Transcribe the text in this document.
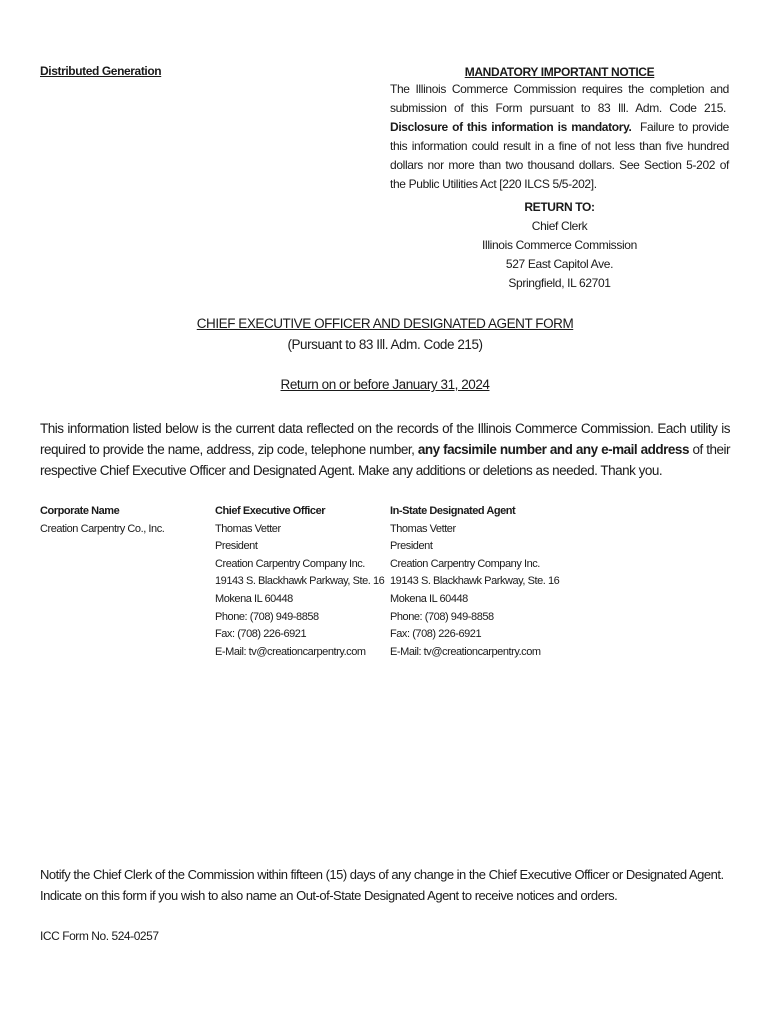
Distributed Generation	MANDATORY IMPORTANT NOTICE
The Illinois Commerce Commission requires the completion and submission of this Form pursuant to 83 Ill. Adm. Code 215.  Disclosure of this information is mandatory. Failure to provide this information could result in a fine of not less than five hundred dollars nor more than two thousand dollars. See Section 5-202 of the Public Utilities Act [220 ILCS 5/5-202].
RETURN TO:
Chief Clerk
Illinois Commerce Commission
527 East Capitol Ave.
Springfield, IL 62701
CHIEF EXECUTIVE OFFICER AND DESIGNATED AGENT FORM
(Pursuant to 83 Ill. Adm. Code 215)
Return on or before January 31, 2024
This information listed below is the current data reflected on the records of the Illinois Commerce Commission. Each utility is required to provide the name, address, zip code, telephone number, any facsimile number and any e-mail address of their respective Chief Executive Officer and Designated Agent. Make any additions or deletions as needed. Thank you.
Corporate Name
Creation Carpentry Co., Inc.
Chief Executive Officer
Thomas Vetter
President
Creation Carpentry Company Inc.
19143 S. Blackhawk Parkway, Ste. 16
Mokena IL 60448
Phone: (708) 949-8858
Fax: (708) 226-6921
E-Mail: tv@creationcarpentry.com
In-State Designated Agent
Thomas Vetter
President
Creation Carpentry Company Inc.
19143 S. Blackhawk Parkway, Ste. 16
Mokena IL 60448
Phone: (708) 949-8858
Fax: (708) 226-6921
E-Mail: tv@creationcarpentry.com
Notify the Chief Clerk of the Commission within fifteen (15) days of any change in the Chief Executive Officer or Designated Agent.
Indicate on this form if you wish to also name an Out-of-State Designated Agent to receive notices and orders.
ICC Form No. 524-0257
